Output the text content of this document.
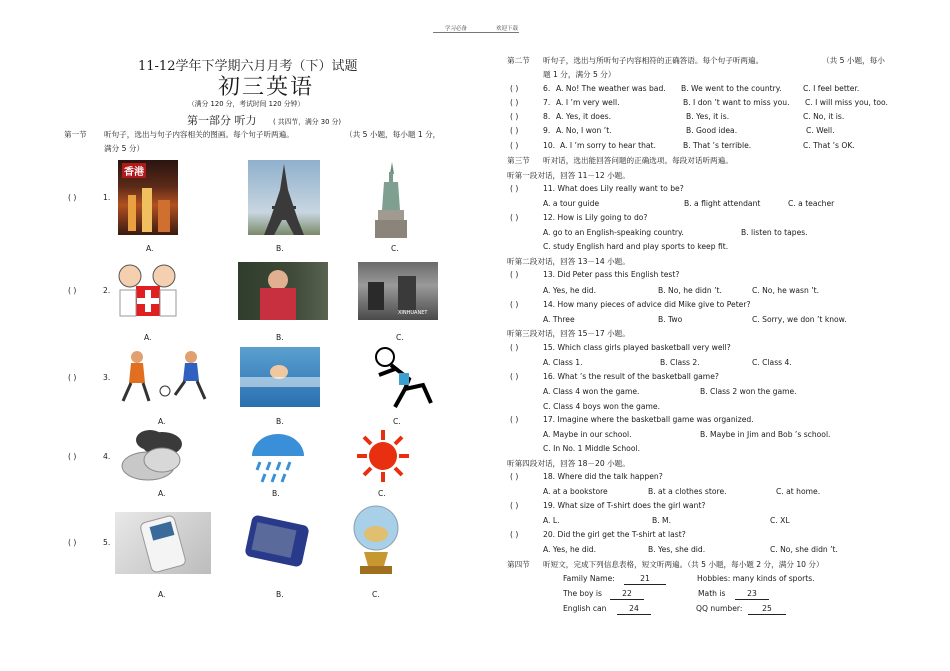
学习必备	欢迎下载
11-12学年下学期六月月考（下）试题
初三英语
（满分 120 分，考试时间 120 分钟）
第一部分 听力 ( 共四节，满分 30 分)
第一节 听句子，选出与句子内容相关的图画。每个句子听两遍。	（共 5 小题，每小题 1 分，
满分 5 分）
( )	1.
香港
A.	B.	C.
( )	2.
XINHUANET
A.	B.	C.
( )	3.
A.	B.	C.
( )	4.
A.	B.	C.
( )	5.
A.	B.	C.
第二节 听句子，选出与所听句子内容相符的正确答语。每个句子听两遍。	（共 5 小题，每小
题 1 分，满分 5 分）
( )	6. A. No! The weather was bad. B. We went to the country.	C. I feel better.
( )	7. A. I ’m very well.	B. I don ’t want to miss you. C. I will miss you, too.
( )	8. A. Yes, it does.	B. Yes, it is.	C. No, it is.
( )	9. A. No, I won ’t.	B. Good idea.	C. Well.
( )	10. A. I ’m sorry to hear that.	B. That ’s terrible.	C. That ’s OK.
第三节 听对话，选出能回答问题的正确选项。每段对话听两遍。
听第一段对话，回答 11－12 小题。
( )	11. What does Lily really want to be?
A. a tour guide	B. a flight attendant	C. a teacher
( )	12. How is Lily going to do?
A. go to an English-speaking country.	B. listen to tapes.
C. study English hard and play sports to keep fit.
听第二段对话，回答 13－14 小题。
( )	13. Did Peter pass this English test?
A. Yes, he did.	B. No, he didn ’t.	C. No, he wasn ’t.
( )	14. How many pieces of advice did Mike give to Peter?
A. Three	B. Two	C. Sorry, we don ’t know.
听第三段对话，回答 15－17 小题。
( )	15. Which class girls played basketball very well?
A. Class 1.	B. Class 2.	C. Class 4.
( )	16. What ’s the result of the basketball game?
A. Class 4 won the game.	B. Class 2 won the game.
C. Class 4 boys won the game.
( )	17. Imagine where the basketball game was organized.
A. Maybe in our school.	B. Maybe in Jim and Bob ’s school.
C. In No. 1 Middle School.
听第四段对话，回答 18－20 小题。
( )	18. Where did the talk happen?
A. at a bookstore	B. at a clothes store.	C. at home.
( )	19. What size of T-shirt does the girl want?
A. L.	B. M.	C. XL
( )	20. Did the girl get the T-shirt at last?
A. Yes, he did.	B. Yes, she did.	C. No, she didn ’t.
第四节 听短文，完成下列信息表格，短文听两遍。（共 5 小题，每小题 2 分，满分 10 分）
Family Name:	21	Hobbies: many kinds of sports.
The boy is	22	Math is	23
English can	24	QQ number:	25
